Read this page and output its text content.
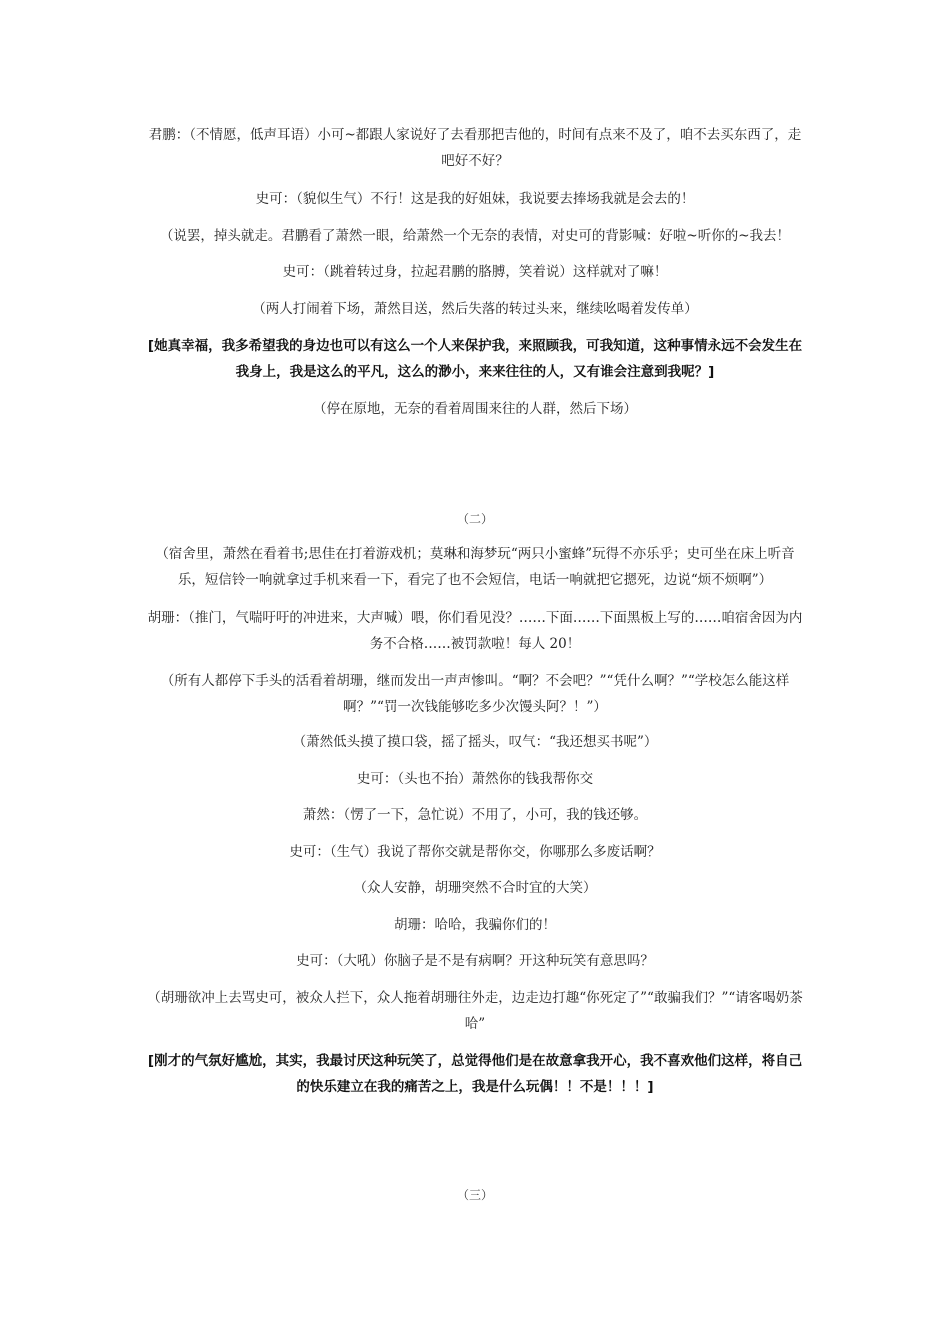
君鹏：（不情愿，低声耳语）小可~都跟人家说好了去看那把吉他的，时间有点来不及了，咱不去买东西了，走吧好不好？

史可：（貌似生气）不行！这是我的好姐妹，我说要去捧场我就是会去的！

（说罢，掉头就走。君鹏看了萧然一眼，给萧然一个无奈的表情，对史可的背影喊：好啦~听你的~我去！

史可：（跳着转过身，拉起君鹏的胳膊，笑着说）这样就对了嘛！

（两人打闹着下场，萧然目送，然后失落的转过头来，继续吆喝着发传单）

[她真幸福，我多希望我的身边也可以有这么一个人来保护我，来照顾我，可我知道，这种事情永远不会发生在我身上，我是这么的平凡，这么的渺小，来来往往的人，又有谁会注意到我呢？]

（停在原地，无奈的看着周围来往的人群，然后下场）

（二）

（宿舍里，萧然在看着书;思佳在打着游戏机；莫琳和海梦玩“两只小蜜蜂”玩得不亦乐乎；史可坐在床上听音乐，短信铃一响就拿过手机来看一下，看完了也不会短信，电话一响就把它摁死，边说“烦不烦啊”）

胡珊：（推门，气喘吁吁的冲进来，大声喊）喂，你们看见没？……下面……下面黑板上写的……咱宿舍因为内务不合格……被罚款啦！每人 20！

（所有人都停下手头的活看着胡珊，继而发出一声声惨叫。“啊？不会吧？”“凭什么啊？”“学校怎么能这样啊？”“罚一次钱能够吃多少次馒头阿？！”）

（萧然低头摸了摸口袋，摇了摇头，叹气：“我还想买书呢”）

史可：（头也不抬）萧然你的钱我帮你交

萧然：（愣了一下，急忙说）不用了，小可，我的钱还够。

史可：（生气）我说了帮你交就是帮你交，你哪那么多废话啊？

（众人安静，胡珊突然不合时宜的大笑）

胡珊：哈哈，我骗你们的！

史可：（大吼）你脑子是不是有病啊？开这种玩笑有意思吗？

（胡珊欲冲上去骂史可，被众人拦下，众人拖着胡珊往外走，边走边打趣“你死定了”“敢骗我们？”“请客喝奶茶哈”

[刚才的气氛好尴尬，其实，我最讨厌这种玩笑了，总觉得他们是在故意拿我开心，我不喜欢他们这样，将自己的快乐建立在我的痛苦之上，我是什么玩偶！！不是！！！]

（三）
